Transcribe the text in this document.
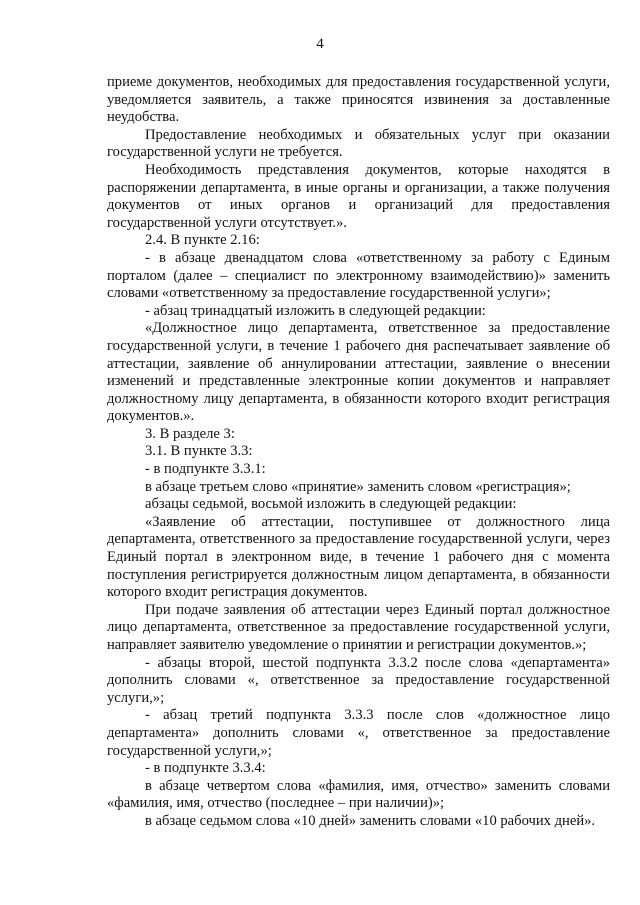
4

приеме документов, необходимых для предоставления государственной услуги, уведомляется заявитель, а также приносятся извинения за доставленные неудобства.

Предоставление необходимых и обязательных услуг при оказании государственной услуги не требуется.

Необходимость представления документов, которые находятся в распоряжении департамента, в иные органы и организации, а также получения документов от иных органов и организаций для предоставления государственной услуги отсутствует.».

2.4. В пункте 2.16:

- в абзаце двенадцатом слова «ответственному за работу с Единым порталом (далее – специалист по электронному взаимодействию)» заменить словами «ответственному за предоставление государственной услуги»;

- абзац тринадцатый изложить в следующей редакции:

«Должностное лицо департамента, ответственное за предоставление государственной услуги, в течение 1 рабочего дня распечатывает заявление об аттестации, заявление об аннулировании аттестации, заявление о внесении изменений и представленные электронные копии документов и направляет должностному лицу департамента, в обязанности которого входит регистрация документов.».

3. В разделе 3:

3.1. В пункте 3.3:

- в подпункте 3.3.1:

в абзаце третьем слово «принятие» заменить словом «регистрация»;

абзацы седьмой, восьмой изложить в следующей редакции:

«Заявление об аттестации, поступившее от должностного лица департамента, ответственного за предоставление государственной услуги, через Единый портал в электронном виде, в течение 1 рабочего дня с момента поступления регистрируется должностным лицом департамента, в обязанности которого входит регистрация документов.

При подаче заявления об аттестации через Единый портал должностное лицо департамента, ответственное за предоставление государственной услуги, направляет заявителю уведомление о принятии и регистрации документов.»;

- абзацы второй, шестой подпункта 3.3.2 после слова «департамента» дополнить словами «, ответственное за предоставление государственной услуги,»;

- абзац третий подпункта 3.3.3 после слов «должностное лицо департамента» дополнить словами «, ответственное за предоставление государственной услуги,»;

- в подпункте 3.3.4:

в абзаце четвертом слова «фамилия, имя, отчество» заменить словами «фамилия, имя, отчество (последнее – при наличии)»;

в абзаце седьмом слова «10 дней» заменить словами «10 рабочих дней».
